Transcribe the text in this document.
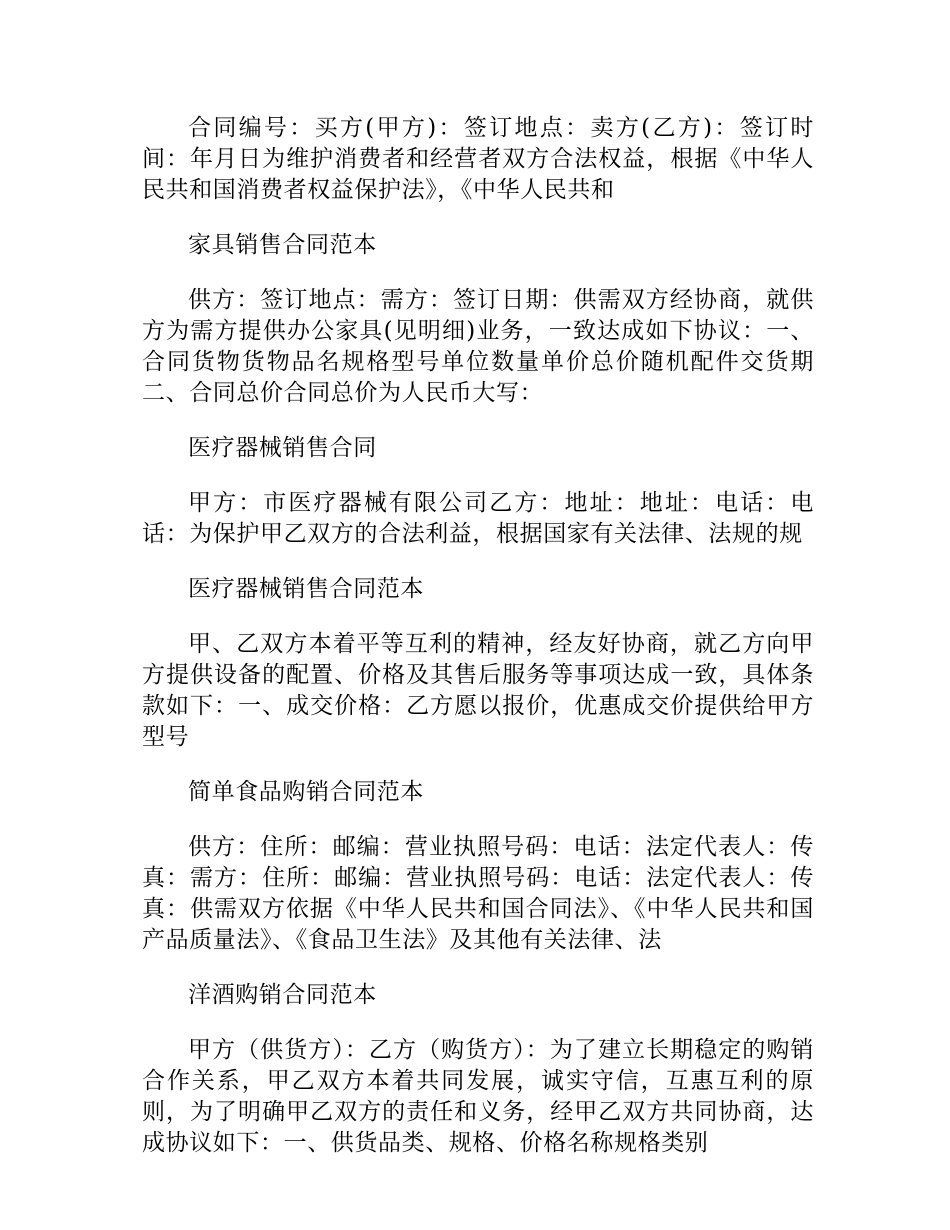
合同编号：买方(甲方)：签订地点：卖方(乙方)：签订时间：年月日为维护消费者和经营者双方合法权益，根据《中华人民共和国消费者权益保护法》，《中华人民共和

家具销售合同范本

供方：签订地点：需方：签订日期：供需双方经协商，就供方为需方提供办公家具(见明细)业务，一致达成如下协议：一、合同货物货物品名规格型号单位数量单价总价随机配件交货期二、合同总价合同总价为人民币大写：

医疗器械销售合同

甲方：市医疗器械有限公司乙方：地址：地址：电话：电话：为保护甲乙双方的合法利益，根据国家有关法律、法规的规

医疗器械销售合同范本

甲、乙双方本着平等互利的精神，经友好协商，就乙方向甲方提供设备的配置、价格及其售后服务等事项达成一致，具体条款如下：一、成交价格：乙方愿以报价，优惠成交价提供给甲方型号

简单食品购销合同范本

供方：住所：邮编：营业执照号码：电话：法定代表人：传真：需方：住所：邮编：营业执照号码：电话：法定代表人：传真：供需双方依据《中华人民共和国合同法》、《中华人民共和国产品质量法》、《食品卫生法》及其他有关法律、法

洋酒购销合同范本

甲方（供货方）：乙方（购货方）：为了建立长期稳定的购销合作关系，甲乙双方本着共同发展，诚实守信，互惠互利的原则，为了明确甲乙双方的责任和义务，经甲乙双方共同协商，达成协议如下：一、供货品类、规格、价格名称规格类别
